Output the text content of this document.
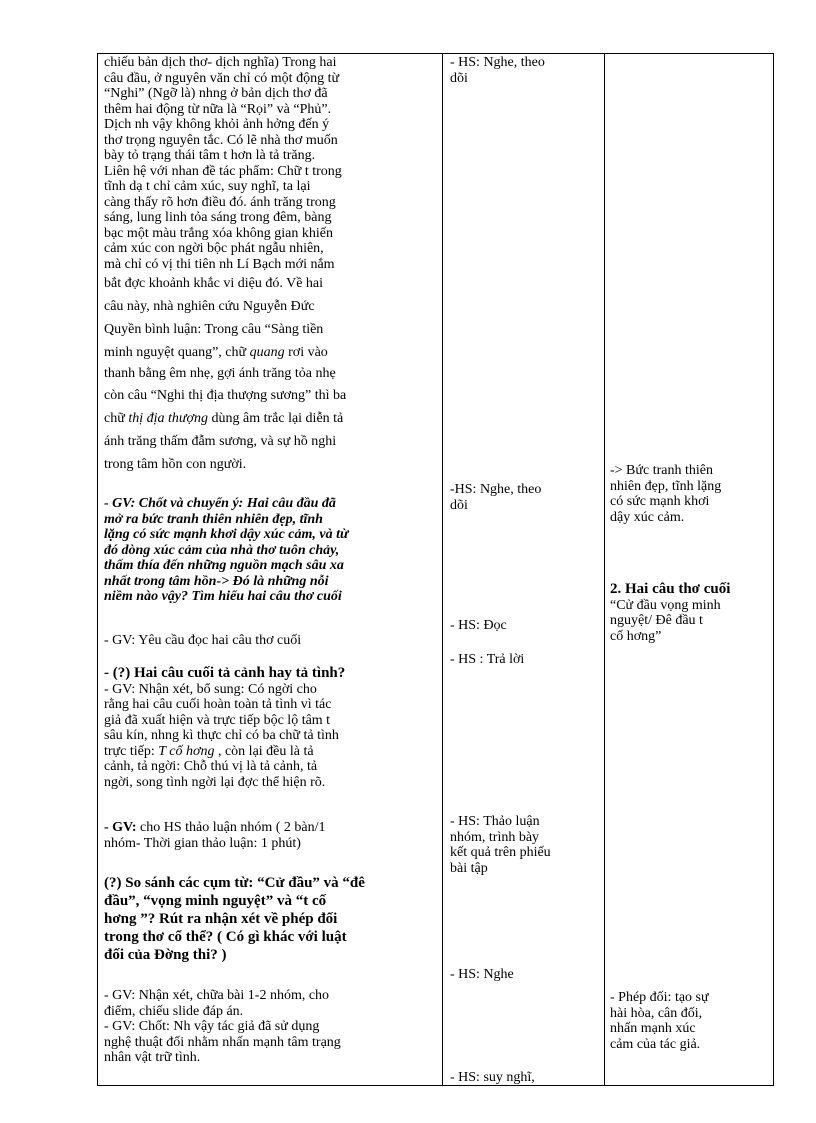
chiếu bản dịch thơ- dịch nghĩa) Trong hai
câu đầu, ở nguyên văn chỉ có một động từ
“Nghi” (Ngỡ là) nhng ở bản dịch thơ đã
thêm hai động từ nữa là “Rọi” và “Phủ”.
Dịch nh vậy không khỏi ảnh hởng đến ý
thơ trọng nguyên tắc. Có lẽ nhà thơ muốn
bày tỏ trạng thái tâm t hơn là tả trăng.
Liên hệ với nhan đề tác phẩm: Chữ t trong
tĩnh dạ t chỉ cảm xúc, suy nghĩ, ta lại
càng thấy rõ hơn điều đó. ánh trăng trong
sáng, lung linh tỏa sáng trong đêm, bàng
bạc một màu trắng xóa không gian khiến
cảm xúc con ngời bộc phát ngẫu nhiên,
mà chỉ có vị thi tiên nh Lí Bạch mới nắm
bắt đợc khoảnh khắc vi diệu đó. Về hai
câu này, nhà nghiên cứu Nguyễn Đức
Quyền bình luận: Trong câu “Sàng tiền
minh nguyệt quang”, chữ quang rơi vào
thanh bằng êm nhẹ, gợi ánh trăng tỏa nhẹ
còn câu “Nghi thị địa thượng sương” thì ba
chữ thị địa thượng dùng âm trắc lại diễn tả
ánh trăng thấm đẫm sương, và sự hồ nghi
trong tâm hồn con người.
- GV: Chốt và chuyển ý: Hai câu đầu đã
mở ra bức tranh thiên nhiên đẹp, tĩnh
lặng có sức mạnh khơi dậy xúc cảm, và từ
đó dòng xúc cảm của nhà thơ tuôn chảy,
thấm thía đến những nguồn mạch sâu xa
nhất trong tâm hồn-> Đó là những nỗi
niềm nào vậy? Tìm hiểu hai câu thơ cuối
- GV: Yêu cầu đọc hai câu thơ cuối
- (?) Hai câu cuối tả cảnh hay tả tình?
- GV: Nhận xét, bổ sung: Có ngời cho
rằng hai câu cuối hoàn toàn tả tình vì tác
giả đã xuất hiện và trực tiếp bộc lộ tâm t
sâu kín, nhng kì thực chỉ có ba chữ tả tình
trực tiếp: T cố hơng , còn lại đều là tả
cảnh, tả ngời: Chỗ thú vị là tả cảnh, tả
ngời, song tình ngời lại đợc thể hiện rõ.
- GV: cho HS thảo luận nhóm ( 2 bàn/1
nhóm- Thời gian thảo luận: 1 phút)
(?) So sánh các cụm từ: “Cử đầu” và “đê
đầu”, “vọng minh nguyệt” và “t cố
hơng ”? Rút ra nhận xét về phép đối
trong thơ cổ thể? ( Có gì khác với luật
đối của Đờng thi? )
- GV: Nhận xét, chữa bài 1-2 nhóm, cho
điểm, chiếu slide đáp án.
- GV: Chốt: Nh vậy tác giả đã sử dụng
nghệ thuật đối nhằm nhấn mạnh tâm trạng
nhân vật trữ tình.
- HS: Nghe, theo
dõi
-HS: Nghe, theo
dõi
- HS: Đọc
- HS : Trả lời
- HS: Thảo luận
nhóm, trình bày
kết quả trên phiếu
bài tập
- HS: Nghe
- HS: suy nghĩ,
-> Bức tranh thiên
nhiên đẹp, tĩnh lặng
có sức mạnh khơi
dậy xúc cảm.
2. Hai câu thơ cuối
“Cử đầu vọng minh
nguyệt/ Đê đầu t
cố hơng”
- Phép đối: tạo sự
hài hòa, cân đối,
nhấn mạnh xúc
cảm của tác giả.
